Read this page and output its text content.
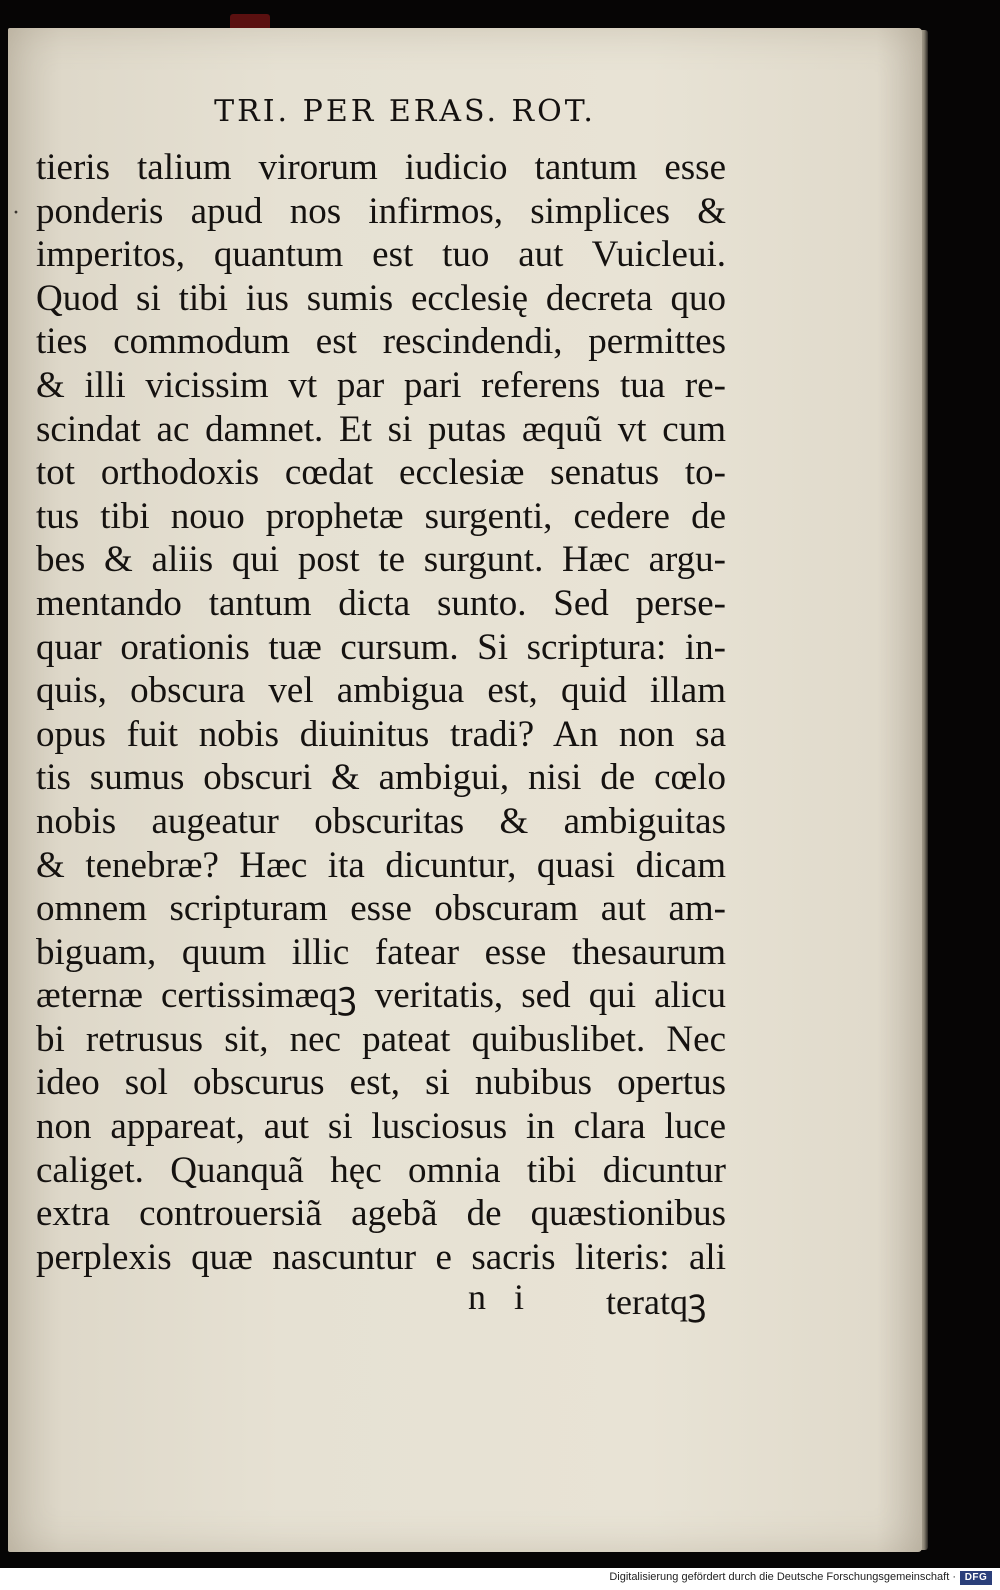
TRI. PER ERAS. ROT.
·
tieris talium virorum iudicio tantum esse
ponderis apud nos infirmos, simplices &
imperitos, quantum est tuo aut Vuicleui.
Quod si tibi ius sumis ecclesię decreta quo
ties commodum est rescindendi, permittes
& illi vicissim vt par pari referens tua re-
scindat ac damnet. Et si putas æquũ vt cum
tot orthodoxis cœdat ecclesiæ senatus to-
tus tibi nouo prophetæ surgenti, cedere de
bes & aliis qui post te surgunt. Hæc argu-
mentando tantum dicta sunto. Sed perse-
quar orationis tuæ cursum. Si scriptura: in-
quis, obscura vel ambigua est, quid illam
opus fuit nobis diuinitus tradi? An non sa
tis sumus obscuri & ambigui, nisi de cœlo
nobis augeatur obscuritas & ambiguitas
& tenebræ? Hæc ita dicuntur, quasi dicam
omnem scripturam esse obscuram aut am-
biguam, quum illic fatear esse thesaurum
æternæ certissimæqꝫ veritatis, sed qui alicu
bi retrusus sit, nec pateat quibuslibet. Nec
ideo sol obscurus est, si nubibus opertus
non appareat, aut si lusciosus in clara luce
caliget. Quanquã hęc omnia tibi dicuntur
extra controuersiã agebã de quæstionibus
perplexis quæ nascuntur e sacris literis: ali
n i teratqꝫ
Digitalisierung gefördert durch die Deutsche Forschungsgemeinschaft · DFG
